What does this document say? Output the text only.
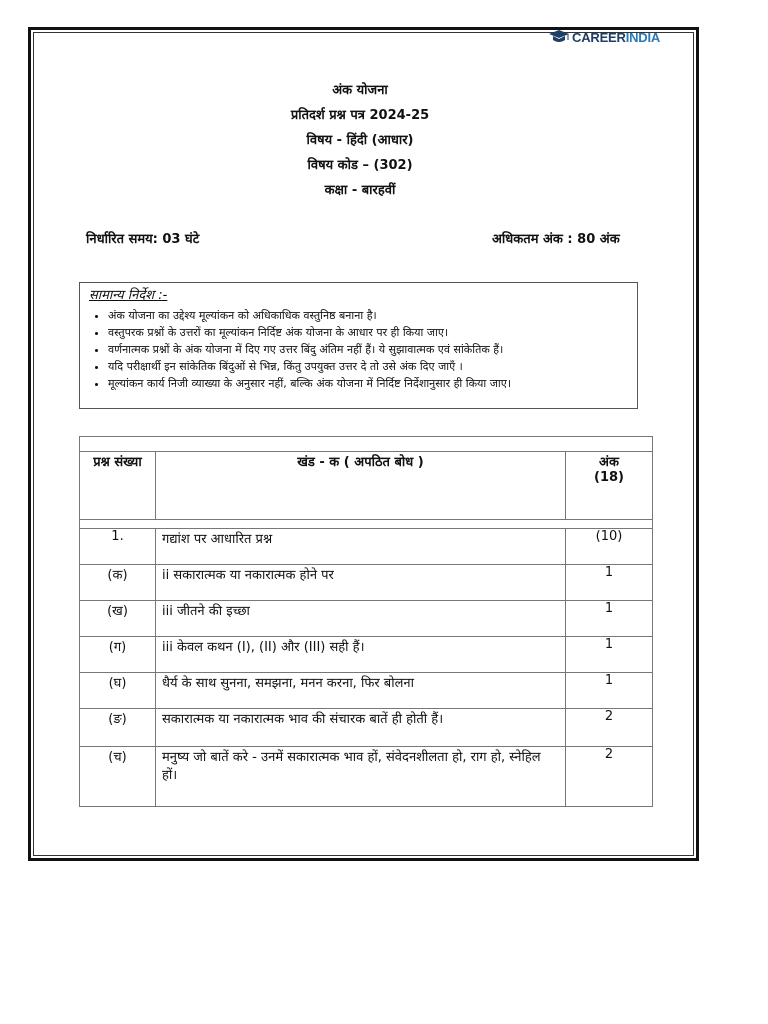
CAREER INDIA
अंक योजना
प्रतिदर्श प्रश्न पत्र 2024-25
विषय - हिंदी (आधार)
विषय कोड – (302)
कक्षा - बारहवीं
निर्धारित समय: 03 घंटे	अधिकतम अंक : 80 अंक
सामान्य निर्देश :-
• अंक योजना का उद्देश्य मूल्यांकन को अधिकाधिक वस्तुनिष्ठ बनाना है।
• वस्तुपरक प्रश्नों के उत्तरों का मूल्यांकन निर्दिष्ट अंक योजना के आधार पर ही किया जाए।
• वर्णनात्मक प्रश्नों के अंक योजना में दिए गए उत्तर बिंदु अंतिम नहीं हैं। ये सुझावात्मक एवं सांकेतिक हैं।
• यदि परीक्षार्थी इन सांकेतिक बिंदुओं से भिन्न, किंतु उपयुक्त उत्तर दे तो उसे अंक दिए जाएँ ।
• मूल्यांकन कार्य निजी व्याख्या के अनुसार नहीं, बल्कि अंक योजना में निर्दिष्ट निर्देशानुसार ही किया जाए।

प्रश्न संख्या	खंड - क ( अपठित बोध )	अंक
(18)

1.	गद्यांश पर आधारित प्रश्न	(10)
(क)	ii सकारात्मक या नकारात्मक होने पर	1
(ख)	iii जीतने की इच्छा	1
(ग)	iii केवल कथन (I), (II) और (III) सही हैं।	1
(घ)	धैर्य के साथ सुनना, समझना, मनन करना, फिर बोलना	1
(ङ)	सकारात्मक या नकारात्मक भाव की संचारक बातें ही होती हैं।	2
(च)	मनुष्य जो बातें करे - उनमें सकारात्मक भाव हों, संवेदनशीलता हो, राग हो, स्नेहिल हों।	2
